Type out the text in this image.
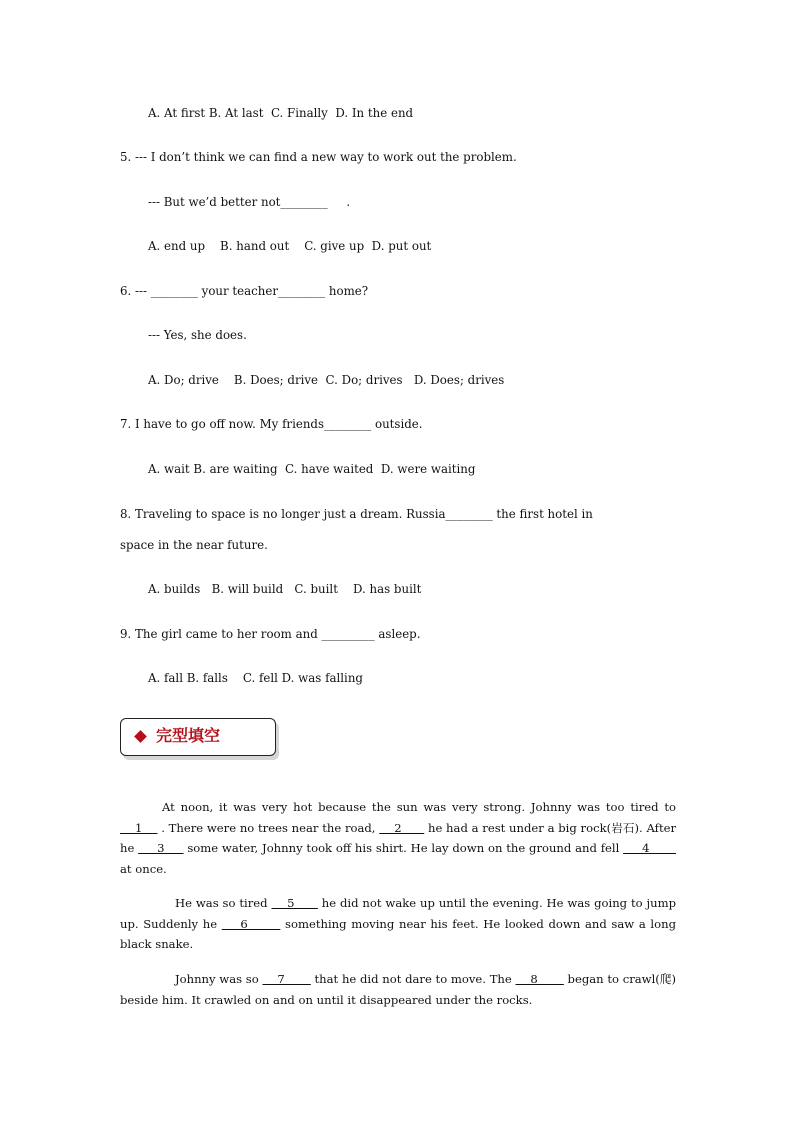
A. At first B. At last  C. Finally  D. In the end
5. --- I don’t think we can find a new way to work out the problem.
--- But we’d better not________     .
A. end up    B. hand out    C. give up  D. put out
6. --- ________ your teacher________ home?
--- Yes, she does.
A. Do; drive    B. Does; drive  C. Do; drives   D. Does; drives
7. I have to go off now. My friends________ outside.
A. wait B. are waiting  C. have waited  D. were waiting
8. Traveling to space is no longer just a dream. Russia________ the first hotel in
space in the near future.
A. builds   B. will build   C. built    D. has built
9. The girl came to her room and _________ asleep.
A. fall B. falls    C. fell D. was falling
完型填空
At noon, it was very hot because the sun was very strong. Johnny was too tired to     1     . There were no trees near the road,     2       he had a rest under a big rock(岩石). After he      3      some water, Johnny took off his shirt. He lay down on the ground and fell      4        at once.
He was so tired     5       he did not wake up until the evening. He was going to jump up. Suddenly he     6        something moving near his feet. He looked down and saw a long black snake.
Johnny was so     7        that he did not dare to move. The     8        began to crawl(爬) beside him. It crawled on and on until it disappeared under the rocks.
